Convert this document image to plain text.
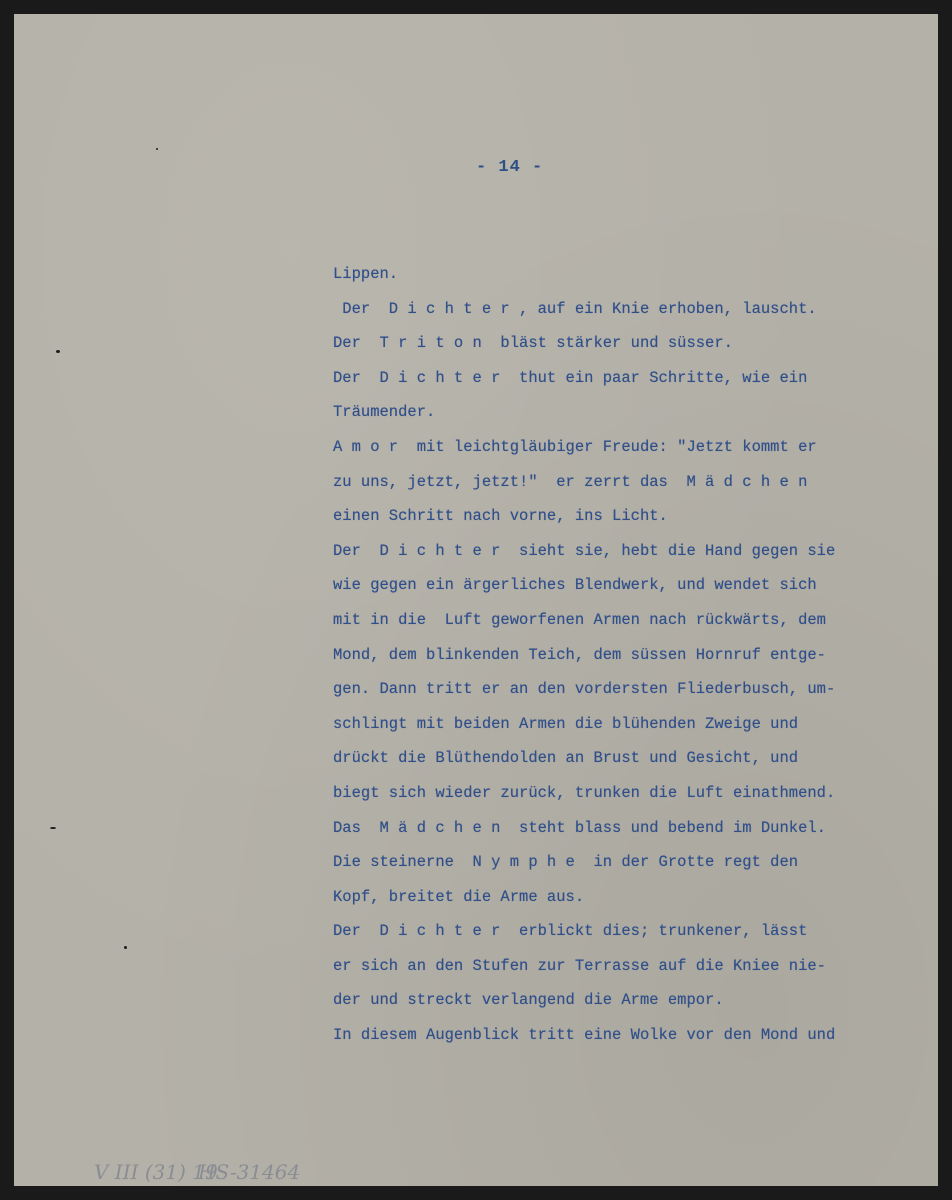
- 14 -
Lippen.
Der  D i c h t e r , auf ein Knie erhoben, lauscht.
Der  T r i t o n  bläst stärker und süsser.
Der  D i c h t e r  thut ein paar Schritte, wie ein
Träumender.
A m o r  mit leichtgläubiger Freude: "Jetzt kommt er
zu uns, jetzt, jetzt!"  er zerrt das  M ä d c h e n
einen Schritt nach vorne, ins Licht.
Der  D i c h t e r  sieht sie, hebt die Hand gegen sie
wie gegen ein ärgerliches Blendwerk, und wendet sich
mit in die  Luft geworfenen Armen nach rückwärts, dem
Mond, dem blinkenden Teich, dem süssen Hornruf entge-
gen. Dann tritt er an den vordersten Fliederbusch, um-
schlingt mit beiden Armen die blühenden Zweige und
drückt die Blüthendolden an Brust und Gesicht, und
biegt sich wieder zurück, trunken die Luft einathmend.
Das  M ä d c h e n  steht blass und bebend im Dunkel.
Die steinerne  N y m p h e  in der Grotte regt den
Kopf, breitet die Arme aus.
Der  D i c h t e r  erblickt dies; trunkener, lässt
er sich an den Stufen zur Terrasse auf die Kniee nie-
der und streckt verlangend die Arme empor.
In diesem Augenblick tritt eine Wolke vor den Mond und
V III (31) 19
HS-31464
